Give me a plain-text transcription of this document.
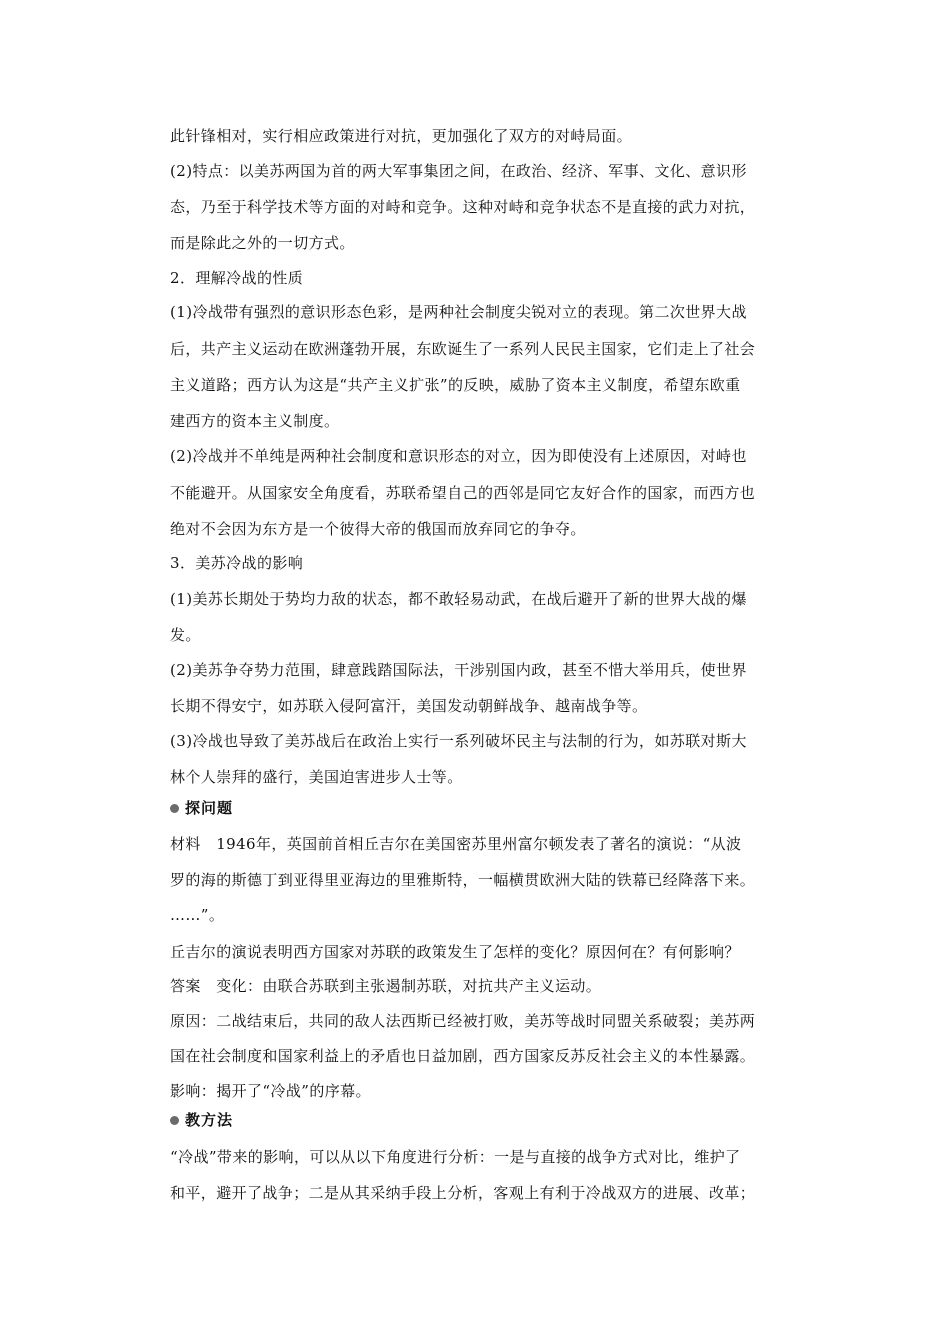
此针锋相对，实行相应政策进行对抗，更加强化了双方的对峙局面。
(2)特点：以美苏两国为首的两大军事集团之间，在政治、经济、军事、文化、意识形
态，乃至于科学技术等方面的对峙和竞争。这种对峙和竞争状态不是直接的武力对抗，
而是除此之外的一切方式。
2．理解冷战的性质
(1)冷战带有强烈的意识形态色彩，是两种社会制度尖锐对立的表现。第二次世界大战
后，共产主义运动在欧洲蓬勃开展，东欧诞生了一系列人民民主国家，它们走上了社会
主义道路；西方认为这是“共产主义扩张”的反映，威胁了资本主义制度，希望东欧重
建西方的资本主义制度。
(2)冷战并不单纯是两种社会制度和意识形态的对立，因为即使没有上述原因，对峙也
不能避开。从国家安全角度看，苏联希望自己的西邻是同它友好合作的国家，而西方也
绝对不会因为东方是一个彼得大帝的俄国而放弃同它的争夺。
3．美苏冷战的影响
(1)美苏长期处于势均力敌的状态，都不敢轻易动武，在战后避开了新的世界大战的爆
发。
(2)美苏争夺势力范围，肆意践踏国际法，干涉别国内政，甚至不惜大举用兵，使世界
长期不得安宁，如苏联入侵阿富汗，美国发动朝鲜战争、越南战争等。
(3)冷战也导致了美苏战后在政治上实行一系列破坏民主与法制的行为，如苏联对斯大
林个人崇拜的盛行，美国迫害进步人士等。
探问题
材料　1946年，英国前首相丘吉尔在美国密苏里州富尔顿发表了著名的演说：“从波
罗的海的斯德丁到亚得里亚海边的里雅斯特，一幅横贯欧洲大陆的铁幕已经降落下来。
……”。
丘吉尔的演说表明西方国家对苏联的政策发生了怎样的变化？原因何在？有何影响？
答案　变化：由联合苏联到主张遏制苏联，对抗共产主义运动。
原因：二战结束后，共同的敌人法西斯已经被打败，美苏等战时同盟关系破裂；美苏两
国在社会制度和国家利益上的矛盾也日益加剧，西方国家反苏反社会主义的本性暴露。
影响：揭开了“冷战”的序幕。
教方法
“冷战”带来的影响，可以从以下角度进行分析：一是与直接的战争方式对比，维护了
和平，避开了战争；二是从其采纳手段上分析，客观上有利于冷战双方的进展、改革；
